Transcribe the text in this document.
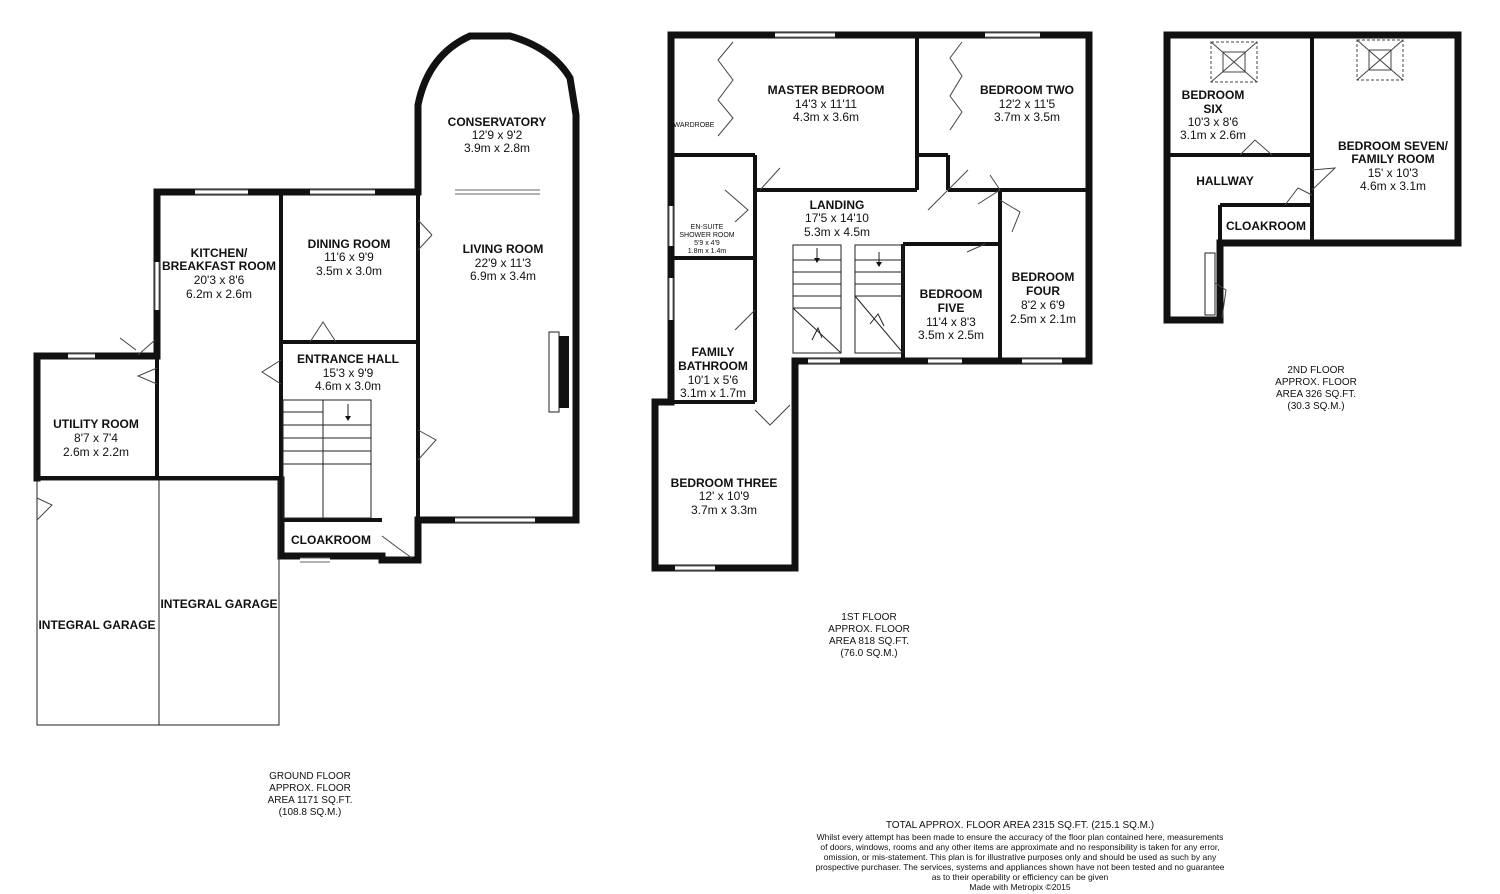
CONSERVATORY
12'9 x 9'2
3.9m x 2.8m
KITCHEN/
BREAKFAST ROOM
20'3 x 8'6
6.2m x 2.6m
DINING ROOM
11'6 x 9'9
3.5m x 3.0m
LIVING ROOM
22'9 x 11'3
6.9m x 3.4m
ENTRANCE HALL
15'3 x 9'9
4.6m x 3.0m
UTILITY ROOM
8'7 x 7'4
2.6m x 2.2m
CLOAKROOM
INTEGRAL GARAGE
INTEGRAL GARAGE
GROUND FLOOR
APPROX. FLOOR
AREA 1171 SQ.FT.
(108.8 SQ.M.)
MASTER BEDROOM
14'3 x 11'11
4.3m x 3.6m
WARDROBE
BEDROOM TWO
12'2 x 11'5
3.7m x 3.5m
EN-SUITE
SHOWER ROOM
5'9 x 4'9
1.8m x 1.4m
LANDING
17'5 x 14'10
5.3m x 4.5m
BEDROOM
FOUR
8'2 x 6'9
2.5m x 2.1m
BEDROOM
FIVE
11'4 x 8'3
3.5m x 2.5m
FAMILY
BATHROOM
10'1 x 5'6
3.1m x 1.7m
BEDROOM THREE
12' x 10'9
3.7m x 3.3m
1ST FLOOR
APPROX. FLOOR
AREA 818 SQ.FT.
(76.0 SQ.M.)
BEDROOM
SIX
10'3 x 8'6
3.1m x 2.6m
BEDROOM SEVEN/
FAMILY ROOM
15' x 10'3
4.6m x 3.1m
HALLWAY
CLOAKROOM
2ND FLOOR
APPROX. FLOOR
AREA 326 SQ.FT.
(30.3 SQ.M.)
TOTAL APPROX. FLOOR AREA 2315 SQ.FT. (215.1 SQ.M.)
Whilst every attempt has been made to ensure the accuracy of the floor plan contained here, measurements
of doors, windows, rooms and any other items are approximate and no responsibility is taken for any error,
omission, or mis-statement. This plan is for illustrative purposes only and should be used as such by any
prospective purchaser. The services, systems and appliances shown have not been tested and no guarantee
as to their operability or efficiency can be given
Made with Metropix ©2015
